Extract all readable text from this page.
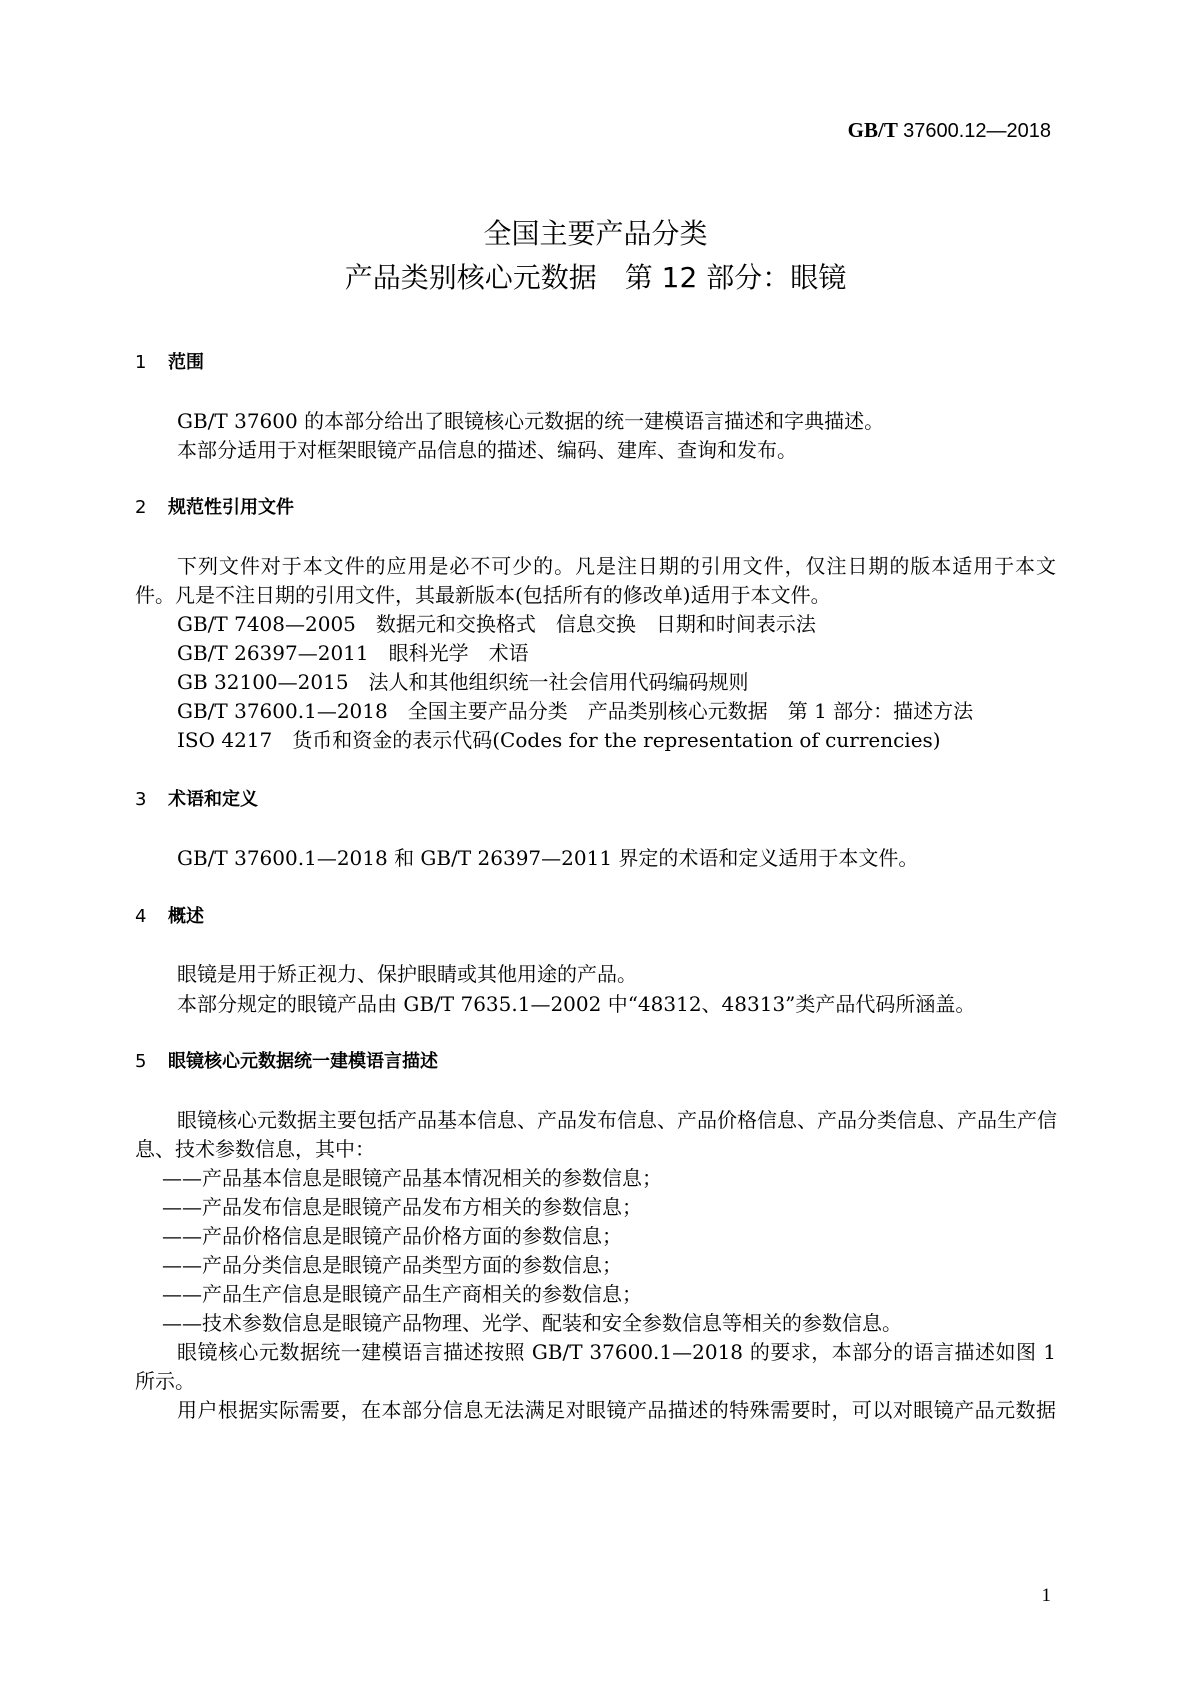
GB/T 37600.12—2018
全国主要产品分类
产品类别核心元数据　第 12 部分：眼镜
1 范围
GB/T 37600 的本部分给出了眼镜核心元数据的统一建模语言描述和字典描述。
本部分适用于对框架眼镜产品信息的描述、编码、建库、查询和发布。
2 规范性引用文件
下列文件对于本文件的应用是必不可少的。凡是注日期的引用文件，仅注日期的版本适用于本文
件。凡是不注日期的引用文件，其最新版本(包括所有的修改单)适用于本文件。
GB/T 7408—2005　数据元和交换格式　信息交换　日期和时间表示法
GB/T 26397—2011　眼科光学　术语
GB 32100—2015　法人和其他组织统一社会信用代码编码规则
GB/T 37600.1—2018　全国主要产品分类　产品类别核心元数据　第 1 部分：描述方法
ISO 4217　货币和资金的表示代码(Codes for the representation of currencies)
3 术语和定义
GB/T 37600.1—2018 和 GB/T 26397—2011 界定的术语和定义适用于本文件。
4 概述
眼镜是用于矫正视力、保护眼睛或其他用途的产品。
本部分规定的眼镜产品由 GB/T 7635.1—2002 中“48312、48313”类产品代码所涵盖。
5 眼镜核心元数据统一建模语言描述
眼镜核心元数据主要包括产品基本信息、产品发布信息、产品价格信息、产品分类信息、产品生产信
息、技术参数信息，其中：
——产品基本信息是眼镜产品基本情况相关的参数信息；
——产品发布信息是眼镜产品发布方相关的参数信息；
——产品价格信息是眼镜产品价格方面的参数信息；
——产品分类信息是眼镜产品类型方面的参数信息；
——产品生产信息是眼镜产品生产商相关的参数信息；
——技术参数信息是眼镜产品物理、光学、配装和安全参数信息等相关的参数信息。
眼镜核心元数据统一建模语言描述按照 GB/T 37600.1—2018 的要求，本部分的语言描述如图 1
所示。
用户根据实际需要，在本部分信息无法满足对眼镜产品描述的特殊需要时，可以对眼镜产品元数据
1
